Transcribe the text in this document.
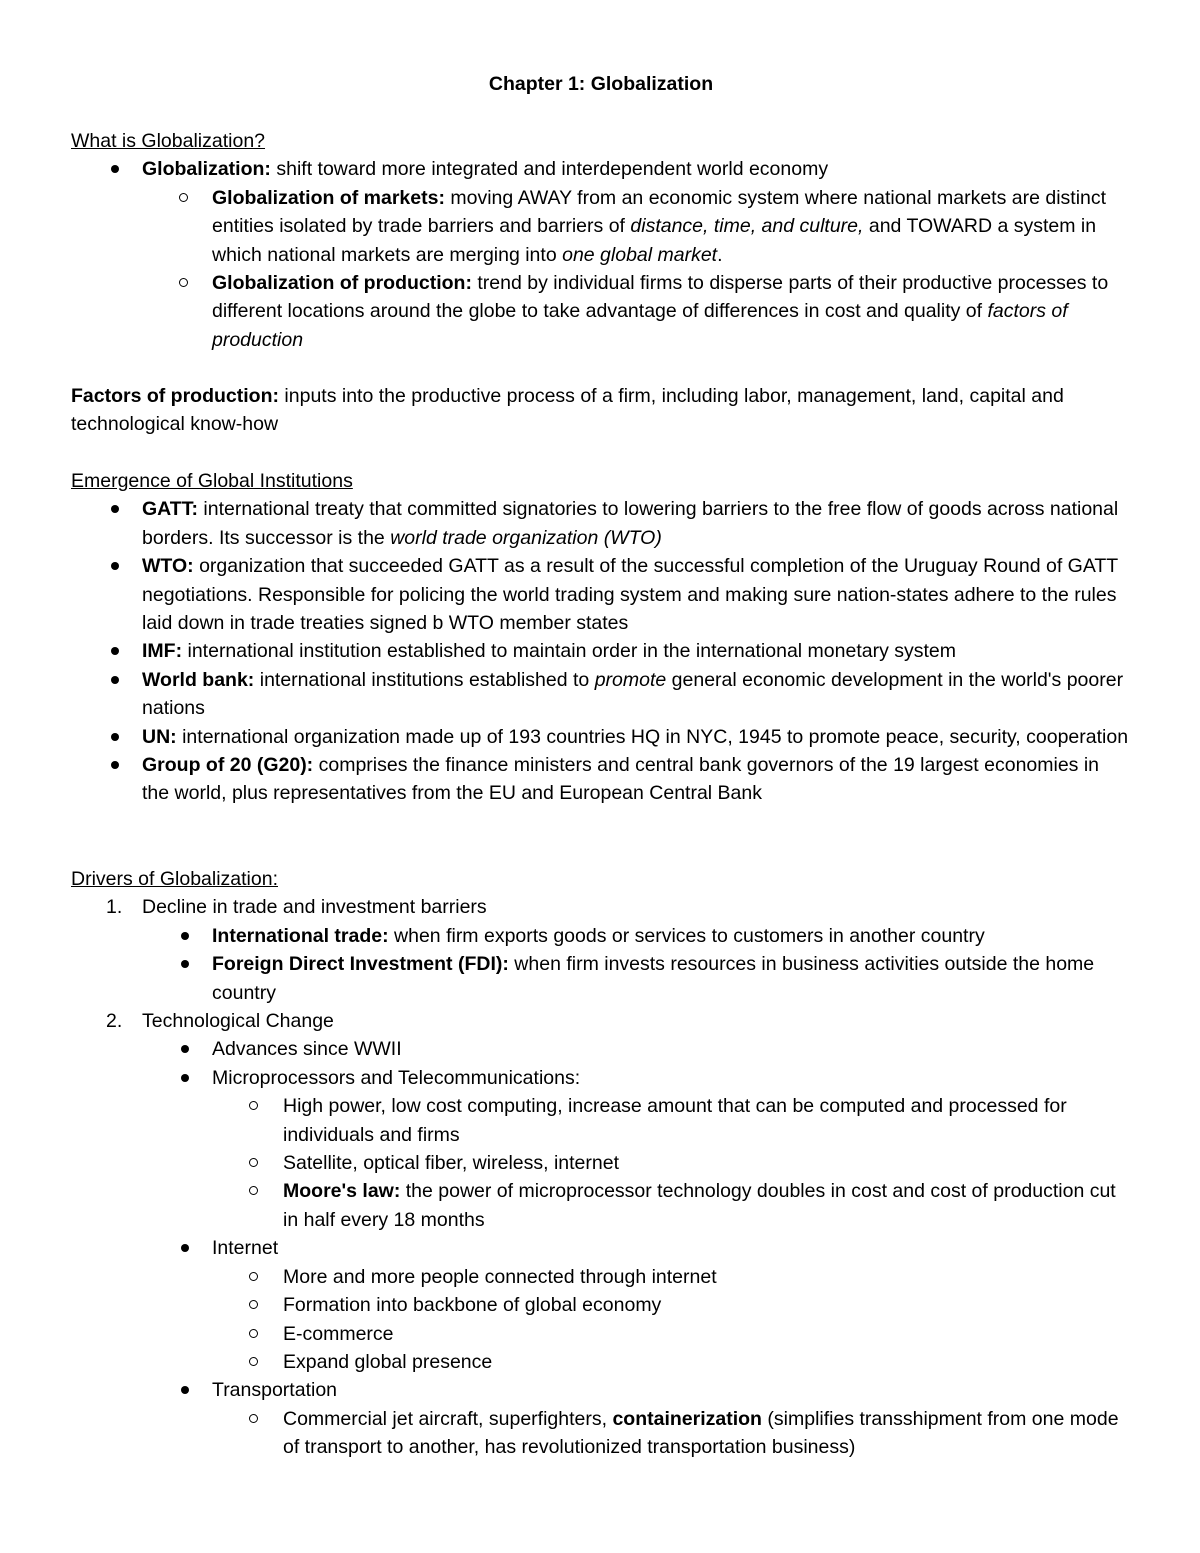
Chapter 1: Globalization
What is Globalization?
Globalization: shift toward more integrated and interdependent world economy
Globalization of markets: moving AWAY from an economic system where national markets are distinct entities isolated by trade barriers and barriers of distance, time, and culture, and TOWARD a system in which national markets are merging into one global market.
Globalization of production: trend by individual firms to disperse parts of their productive processes to different locations around the globe to take advantage of differences in cost and quality of factors of production
Factors of production: inputs into the productive process of a firm, including labor, management, land, capital and technological know-how
Emergence of Global Institutions
GATT: international treaty that committed signatories to lowering barriers to the free flow of goods across national borders. Its successor is the world trade organization (WTO)
WTO: organization that succeeded GATT as a result of the successful completion of the Uruguay Round of GATT negotiations. Responsible for policing the world trading system and making sure nation-states adhere to the rules laid down in trade treaties signed b WTO member states
IMF: international institution established to maintain order in the international monetary system
World bank: international institutions established to promote general economic development in the world's poorer nations
UN: international organization made up of 193 countries HQ in NYC, 1945 to promote peace, security, cooperation
Group of 20 (G20): comprises the finance ministers and central bank governors of the 19 largest economies in the world, plus representatives from the EU and European Central Bank
Drivers of Globalization:
1. Decline in trade and investment barriers
International trade: when firm exports goods or services to customers in another country
Foreign Direct Investment (FDI): when firm invests resources in business activities outside the home country
2. Technological Change
Advances since WWII
Microprocessors and Telecommunications:
High power, low cost computing, increase amount that can be computed and processed for individuals and firms
Satellite, optical fiber, wireless, internet
Moore's law: the power of microprocessor technology doubles in cost and cost of production cut in half every 18 months
Internet
More and more people connected through internet
Formation into backbone of global economy
E-commerce
Expand global presence
Transportation
Commercial jet aircraft, superfighters, containerization (simplifies transshipment from one mode of transport to another, has revolutionized transportation business)
